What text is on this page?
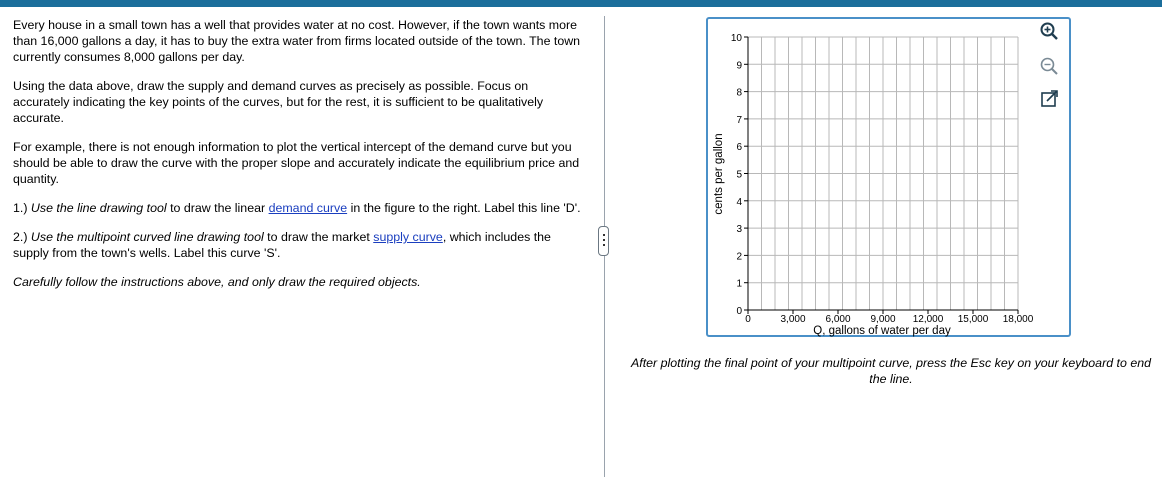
Every house in a small town has a well that provides water at no cost. However, if the town wants more than 16,000 gallons a day, it has to buy the extra water from firms located outside of the town. The town currently consumes 8,000 gallons per day.

Using the data above, draw the supply and demand curves as precisely as possible. Focus on accurately indicating the key points of the curves, but for the rest, it is sufficient to be qualitatively accurate.

For example, there is not enough information to plot the vertical intercept of the demand curve but you should be able to draw the curve with the proper slope and accurately indicate the equilibrium price and quantity.

1.) Use the line drawing tool to draw the linear demand curve in the figure to the right. Label this line 'D'.

2.) Use the multipoint curved line drawing tool to draw the market supply curve, which includes the supply from the town's wells. Label this curve 'S'.

Carefully follow the instructions above, and only draw the required objects.

0
1
2
3
4
5
6
7
8
9
10
0	3,000 6,000 9,000 12,000 15,000 18,000
cents per gallon
Q, gallons of water per day
After plotting the final point of your multipoint curve, press the Esc key on your keyboard to end the line.
